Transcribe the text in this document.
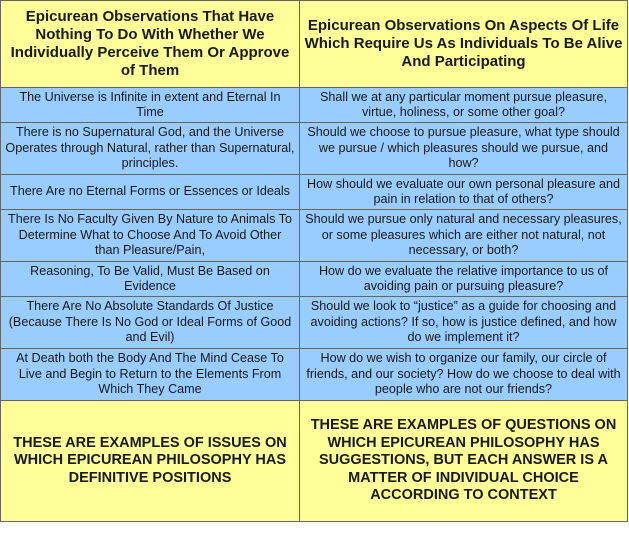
Epicurean Observations That Have Nothing To Do With Whether We Individually Perceive Them Or Approve of Them	Epicurean Observations On Aspects Of Life Which Require Us As Individuals To Be Alive And Participating
The Universe is Infinite in extent and Eternal In Time	Shall we at any particular moment pursue pleasure, virtue, holiness, or some other goal?
There is no Supernatural God, and the Universe Operates through Natural, rather than Supernatural, principles.	Should we choose to pursue pleasure, what type should we pursue / which pleasures should we pursue, and how?
There Are no Eternal Forms or Essences or Ideals	How should we evaluate our own personal pleasure and pain in relation to that of others?
There Is No Faculty Given By Nature to Animals To Determine What to Choose And To Avoid Other than Pleasure/Pain,	Should we pursue only natural and necessary pleasures, or some pleasures which are either not natural, not necessary, or both?
Reasoning, To Be Valid, Must Be Based on Evidence	How do we evaluate the relative importance to us of avoiding pain or pursuing pleasure?
There Are No Absolute Standards Of Justice (Because There Is No God or Ideal Forms of Good and Evil)	Should we look to “justice” as a guide for choosing and avoiding actions? If so, how is justice defined, and how do we implement it?
At Death both the Body And The Mind Cease To Live and Begin to Return to the Elements From Which They Came	How do we wish to organize our family, our circle of friends, and our society? How do we choose to deal with people who are not our friends?
THESE ARE EXAMPLES OF ISSUES ON WHICH EPICUREAN PHILOSOPHY HAS DEFINITIVE POSITIONS	THESE ARE EXAMPLES OF QUESTIONS ON WHICH EPICUREAN PHILOSOPHY HAS SUGGESTIONS, BUT EACH ANSWER IS A MATTER OF INDIVIDUAL CHOICE ACCORDING TO CONTEXT
